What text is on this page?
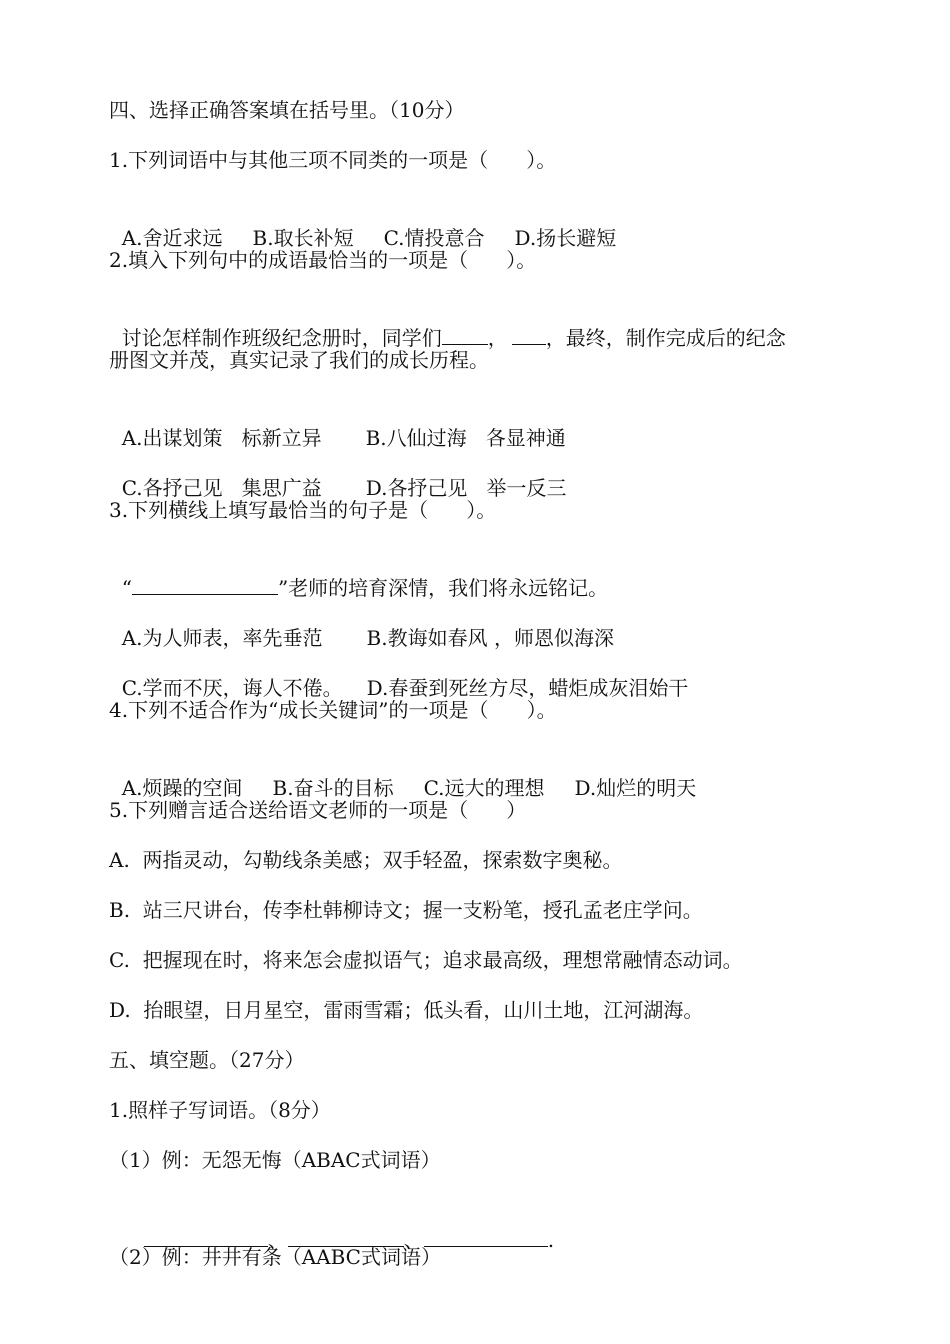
四、选择正确答案填在括号里。（10分）
1.下列词语中与其他三项不同类的一项是（      ）。

A.舍近求远 B.取长补短 C.情投意合 D.扬长避短

2.填入下列句中的成语最恰当的一项是（      ）。

讨论怎样制作班级纪念册时，同学们 ， ，最终，制作完成后的纪念

册图文并茂，真实记录了我们的成长历程。

A.出谋划策   标新立异 B.八仙过海   各显神通

C.各抒己见   集思广益 D.各抒己见   举一反三

3.下列横线上填写最恰当的句子是（      ）。

“	”老师的培育深情，我们将永远铭记。

A.为人师表，率先垂范 B.教诲如春风 ，师恩似海深

C.学而不厌，诲人不倦。 D.春蚕到死丝方尽，蜡炬成灰泪始干

4.下列不适合作为“成长关键词”的一项是（      ）。

A.烦躁的空间 B.奋斗的目标 C.远大的理想 D.灿烂的明天

5.下列赠言适合送给语文老师的一项是（      ）
A.  两指灵动，勾勒线条美感；双手轻盈，探索数字奥秘。
B.  站三尺讲台，传李杜韩柳诗文；握一支粉笔，授孔孟老庄学问。
C.  把握现在时，将来怎会虚拟语气；追求最高级，理想常融情态动词。
D.  抬眼望，日月星空，雷雨雪霜；低头看，山川土地，江河湖海。
五、填空题。（27分）
1.照样子写词语。（8分）
（1）例：无怨无悔（ABAC式词语）

、	、	.

（2）例：井井有条（AABC式词语）
